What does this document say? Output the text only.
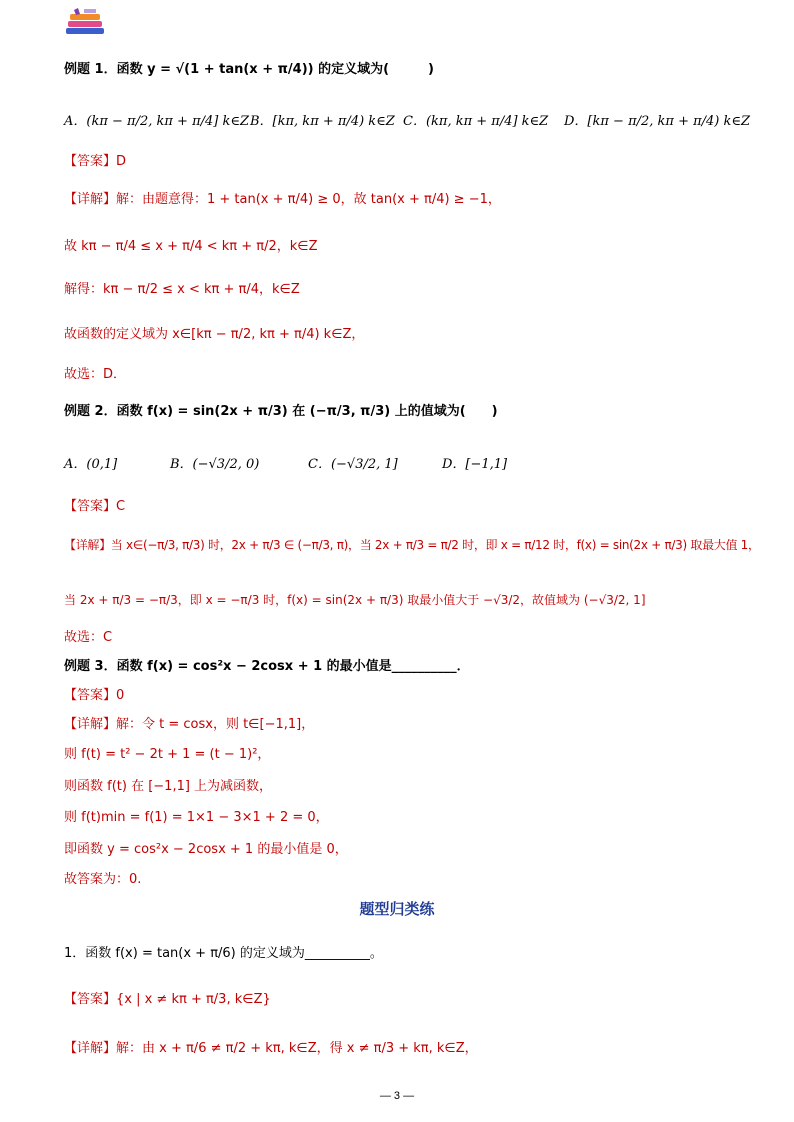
例题 1．函数 y = √(1 + tan(x + π/4)) 的定义域为(　　　)
A．(kπ − π/2, kπ + π/4] k∈Z B．[kπ, kπ + π/4) k∈Z C．(kπ, kπ + π/4] k∈Z D．[kπ − π/2, kπ + π/4) k∈Z
【答案】D
【详解】解：由题意得：1 + tan(x + π/4) ≥ 0，故 tan(x + π/4) ≥ −1，
故 kπ − π/4 ≤ x + π/4 < kπ + π/2，k∈Z
解得：kπ − π/2 ≤ x < kπ + π/4，k∈Z
故函数的定义域为 x∈[kπ − π/2, kπ + π/4) k∈Z，
故选：D．
例题 2．函数 f(x) = sin(2x + π/3) 在 (−π/3, π/3) 上的值域为(　　)
A．(0,1]	B．(−√3/2, 0)	C．(−√3/2, 1]	D．[−1,1]
【答案】C
【详解】当 x∈(−π/3, π/3) 时，2x + π/3 ∈ (−π/3, π)，当 2x + π/3 = π/2 时，即 x = π/12 时，f(x) = sin(2x + π/3) 取最大值 1，
当 2x + π/3 = −π/3，即 x = −π/3 时，f(x) = sin(2x + π/3) 取最小值大于 −√3/2，故值域为 (−√3/2, 1]
故选：C
例题 3．函数 f(x) = cos²x − 2cosx + 1 的最小值是__________．
【答案】0
【详解】解：令 t = cosx，则 t∈[−1,1]，
则 f(t) = t² − 2t + 1 = (t − 1)²，
则函数 f(t) 在 [−1,1] 上为减函数，
则 f(t)min = f(1) = 1×1 − 3×1 + 2 = 0，
即函数 y = cos²x − 2cosx + 1 的最小值是 0，
故答案为：0.
题型归类练
1．函数 f(x) = tan(x + π/6) 的定义域为__________。
【答案】{x | x ≠ kπ + π/3, k∈Z}
【详解】解：由 x + π/6 ≠ π/2 + kπ, k∈Z，得 x ≠ π/3 + kπ, k∈Z，
— 3 —
